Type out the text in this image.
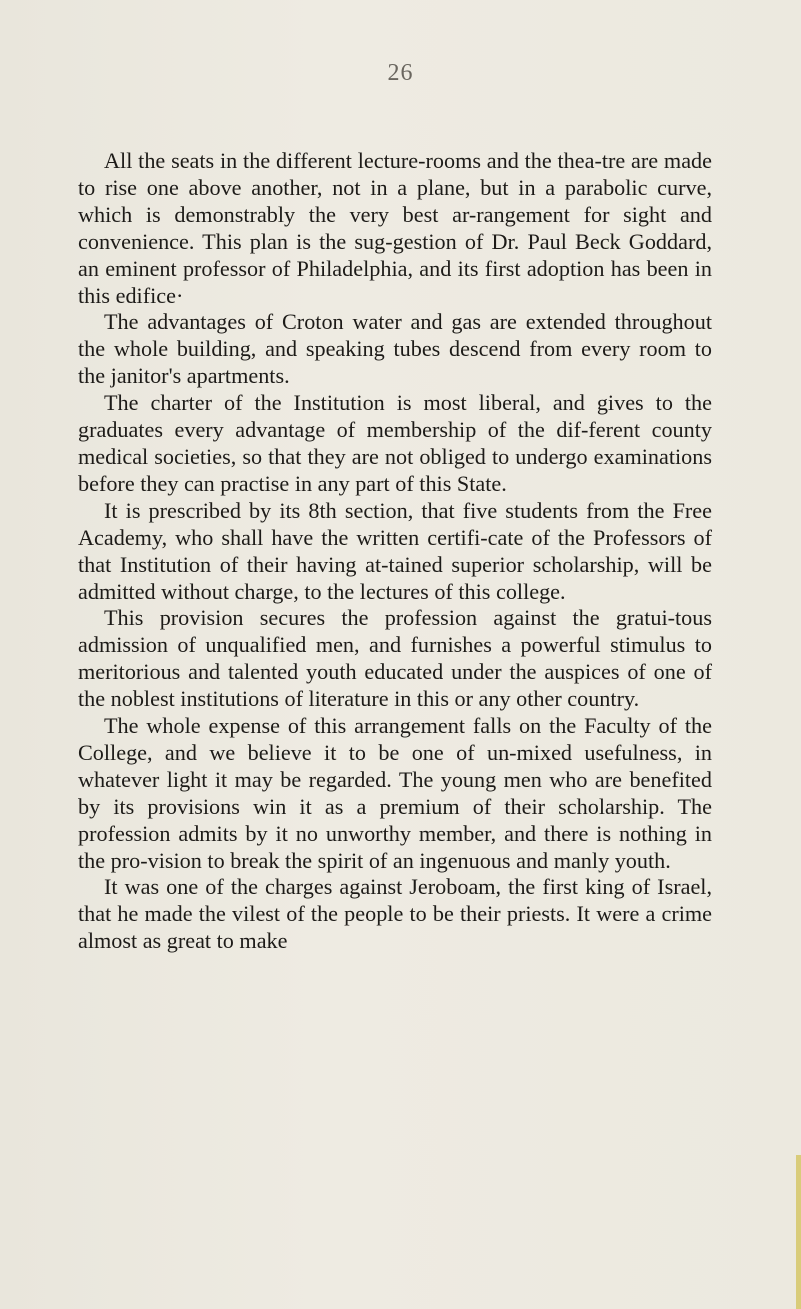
26

All the seats in the different lecture-rooms and the thea-tre are made to rise one above another, not in a plane, but in a parabolic curve, which is demonstrably the very best ar-rangement for sight and convenience. This plan is the sug-gestion of Dr. Paul Beck Goddard, an eminent professor of Philadelphia, and its first adoption has been in this edifice·

The advantages of Croton water and gas are extended throughout the whole building, and speaking tubes descend from every room to the janitor's apartments.

The charter of the Institution is most liberal, and gives to the graduates every advantage of membership of the dif-ferent county medical societies, so that they are not obliged to undergo examinations before they can practise in any part of this State.

It is prescribed by its 8th section, that five students from the Free Academy, who shall have the written certifi-cate of the Professors of that Institution of their having at-tained superior scholarship, will be admitted without charge, to the lectures of this college.

This provision secures the profession against the gratui-tous admission of unqualified men, and furnishes a powerful stimulus to meritorious and talented youth educated under the auspices of one of the noblest institutions of literature in this or any other country.

The whole expense of this arrangement falls on the Faculty of the College, and we believe it to be one of un-mixed usefulness, in whatever light it may be regarded. The young men who are benefited by its provisions win it as a premium of their scholarship. The profession admits by it no unworthy member, and there is nothing in the pro-vision to break the spirit of an ingenuous and manly youth.

It was one of the charges against Jeroboam, the first king of Israel, that he made the vilest of the people to be their priests. It were a crime almost as great to make
